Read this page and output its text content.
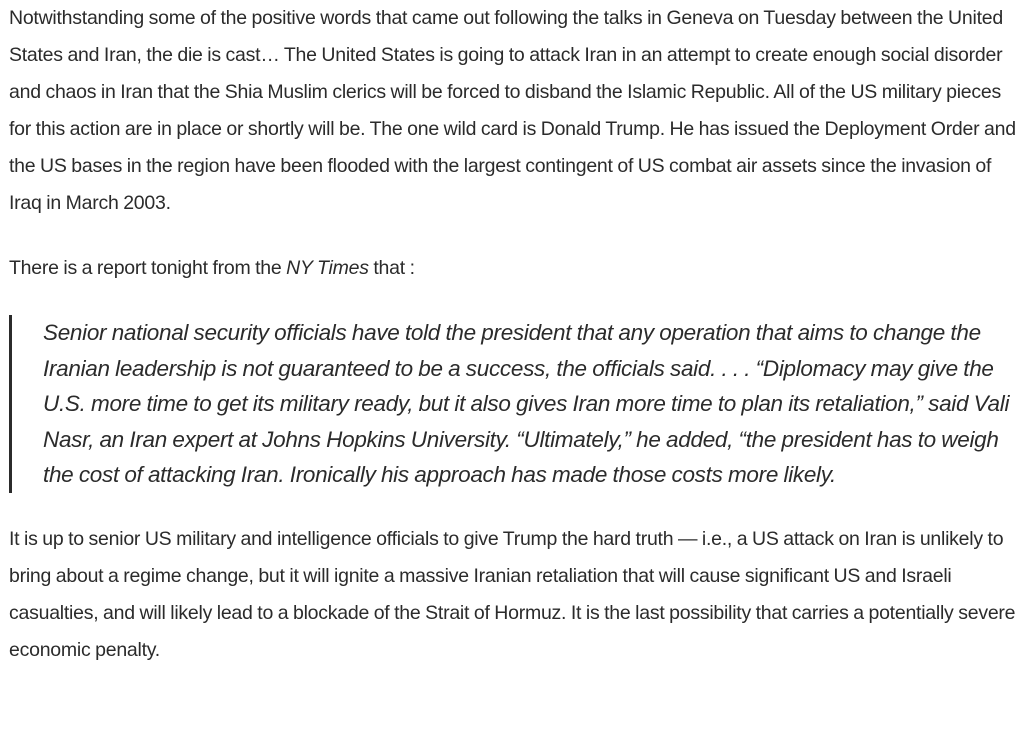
Notwithstanding some of the positive words that came out following the talks in Geneva on Tuesday between the United States and Iran, the die is cast… The United States is going to attack Iran in an attempt to create enough social disorder and chaos in Iran that the Shia Muslim clerics will be forced to disband the Islamic Republic. All of the US military pieces for this action are in place or shortly will be. The one wild card is Donald Trump. He has issued the Deployment Order and the US bases in the region have been flooded with the largest contingent of US combat air assets since the invasion of Iraq in March 2003.

There is a report tonight from the NY Times that :

Senior national security officials have told the president that any operation that aims to change the Iranian leadership is not guaranteed to be a success, the officials said. . . . “Diplomacy may give the U.S. more time to get its military ready, but it also gives Iran more time to plan its retaliation,” said Vali Nasr, an Iran expert at Johns Hopkins University. “Ultimately,” he added, “the president has to weigh the cost of attacking Iran. Ironically his approach has made those costs more likely.

It is up to senior US military and intelligence officials to give Trump the hard truth — i.e., a US attack on Iran is unlikely to bring about a regime change, but it will ignite a massive Iranian retaliation that will cause significant US and Israeli casualties, and will likely lead to a blockade of the Strait of Hormuz. It is the last possibility that carries a potentially severe economic penalty.
